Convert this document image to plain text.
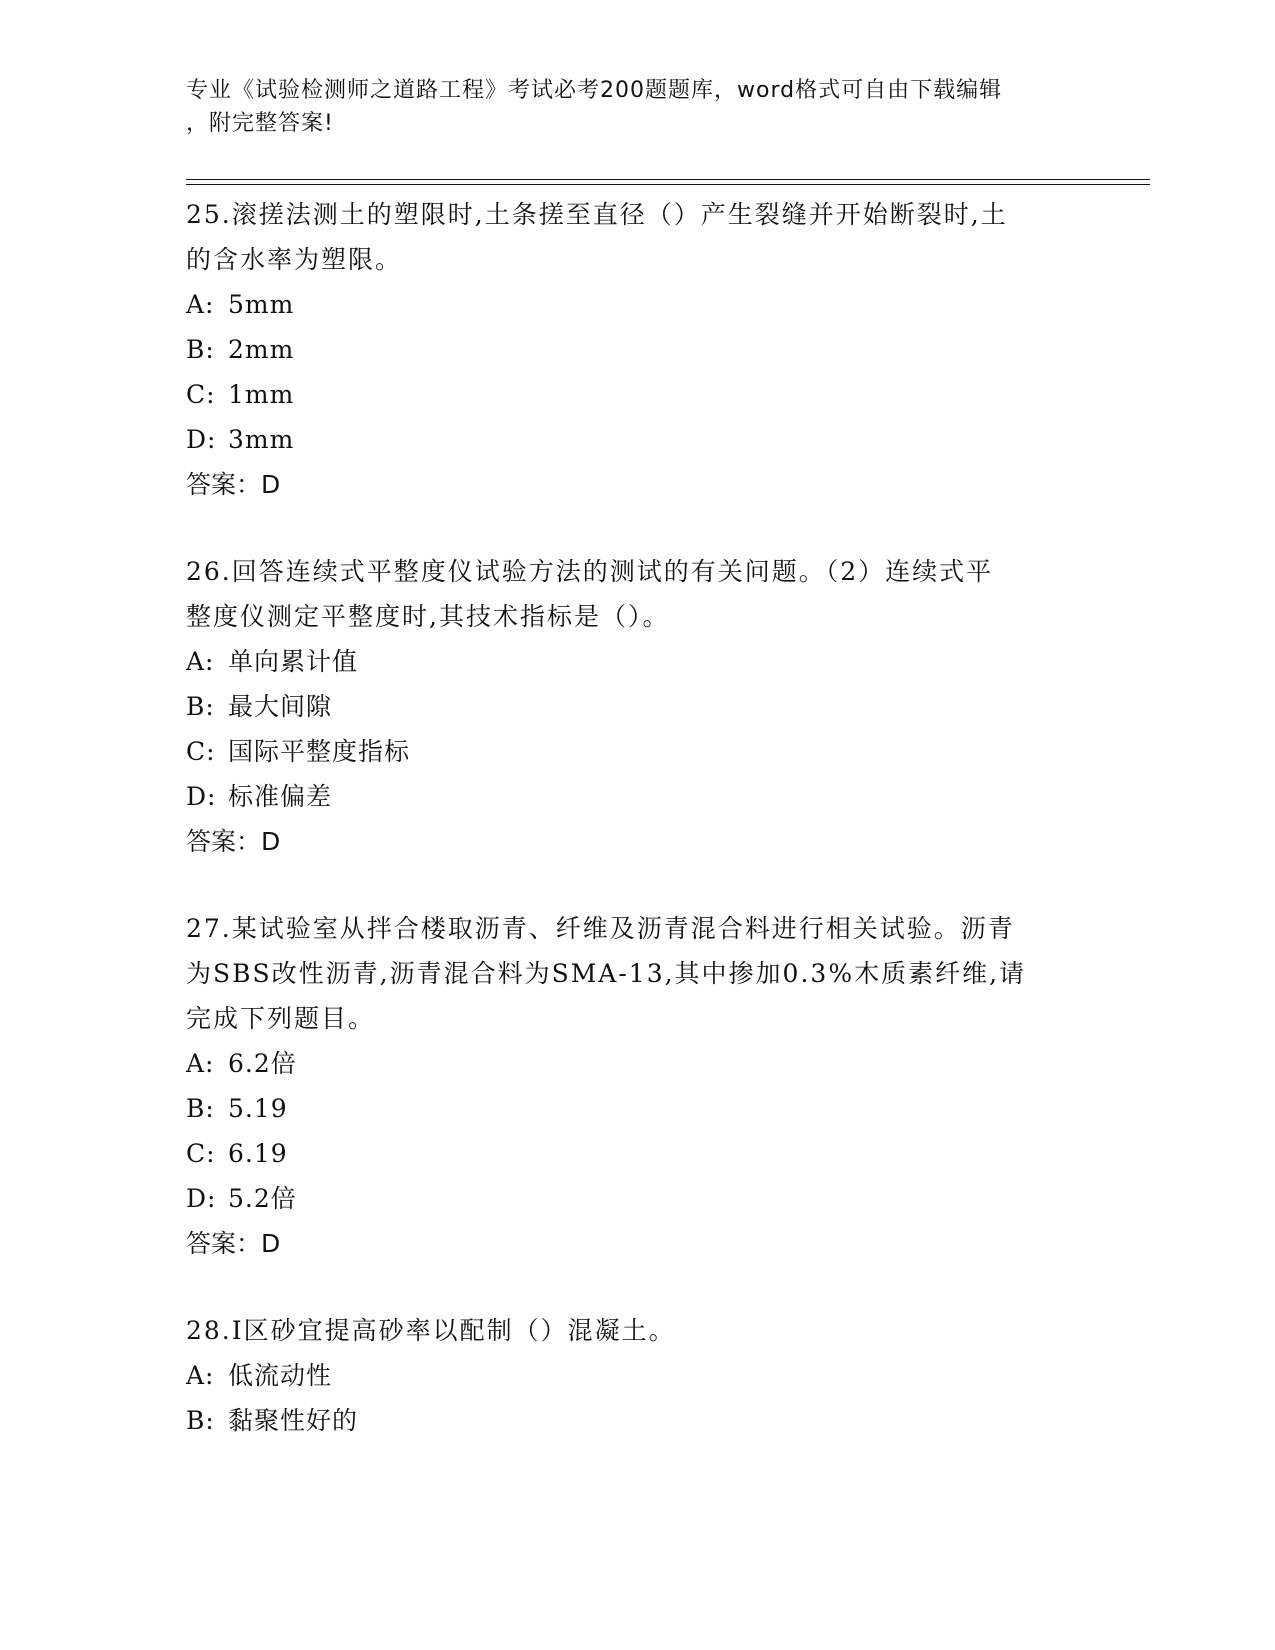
专业《试验检测师之道路工程》考试必考200题题库，word格式可自由下载编辑
，附完整答案!

25.滚搓法测土的塑限时,土条搓至直径（）产生裂缝并开始断裂时,土

的含水率为塑限。

A: 5mm

B: 2mm

C: 1mm

D: 3mm

答案：D

26.回答连续式平整度仪试验方法的测试的有关问题。（2）连续式平

整度仪测定平整度时,其技术指标是（）。

A: 单向累计值

B: 最大间隙

C: 国际平整度指标

D: 标准偏差

答案：D

27.某试验室从拌合楼取沥青、纤维及沥青混合料进行相关试验。沥青

为SBS改性沥青,沥青混合料为SMA-13,其中掺加0.3%木质素纤维,请

完成下列题目。

A: 6.2倍

B: 5.19

C: 6.19

D: 5.2倍

答案：D

28.Ⅰ区砂宜提高砂率以配制（）混凝土。

A: 低流动性

B: 黏聚性好的
